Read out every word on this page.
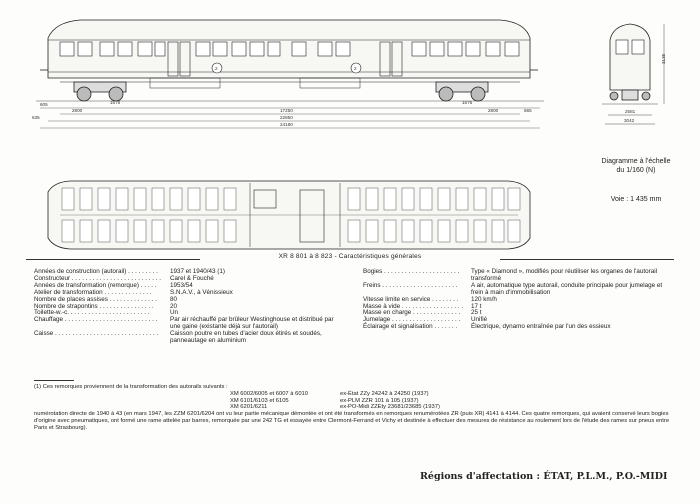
2	2
605
2800
1676
17250
1676
2800	665
22850
24180
635
3135
2581
3042
Diagramme à l'échelle
du 1/160 (N)
Voie : 1 435 mm
XR 8 801 à 8 823 - Caractéristiques générales
Années de construction (autorail) . . . . . . . . .	1937 et 1940/43 (1)
Constructeur . . . . . . . . . . . . . . . . . . . . . . . . . .	Carel & Fouché
Années de transformation (remorque) . . . . .	1953/54
Atelier de transformation . . . . . . . . . . . . . .	S.N.A.V., à Vénissieux
Nombre de places assises . . . . . . . . . . . . . .	80
Nombre de strapontins . . . . . . . . . . . . . . . .	20
Toilette-w.-c. . . . . . . . . . . . . . . . . . . . . . . .	Un
Chauffage . . . . . . . . . . . . . . . . . . . . . . . . . . .	Par air réchauffé par brûleur Westinghouse et distribué par une gaine (existante déjà sur l'autorail)
Caisse . . . . . . . . . . . . . . . . . . . . . . . . . . . . . .	Caisson poutre en tubes d'acier doux étirés et soudés, panneautage en aluminium
Bogies . . . . . . . . . . . . . . . . . . . . . .	Type « Diamond », modifiés pour réutiliser les organes de l'autorail transformé
Freins . . . . . . . . . . . . . . . . . . . . . .	A air, automatique type autorail, conduite principale pour jumelage et frein à main d'immobilisation
Vitesse limite en service . . . . . . . .	120 km/h
Masse à vide . . . . . . . . . . . . . . . . . .	17 t
Masse en charge . . . . . . . . . . . . . .	25 t
Jumelage . . . . . . . . . . . . . . . . . . . .	Unifié
Éclairage et signalisation . . . . . . .	Électrique, dynamo entraînée par l'un des essieux
(1) Ces remorques proviennent de la transformation des autorails suivants :
XM 6002/6005 et 6007 à 6010	ex-État ZZy 24242 à 24250 (1937)
XM 6101/6103 et 6105	ex-PLM ZZR 101 à 105 (1937)
XM 6201/6211	ex-PO-Midi ZZEty 23681/23685 (1937)
numérotation directe de 1940 à 43 (en mars 1947, les ZZM 6201/6204 ont vu leur partie mécanique démontée et ont été transformés en remorques renumérotées ZR (puis XR) 4141 à 4144. Ces quatre remorques, qui avaient conservé leurs bogies d'origine avec pneumatiques, ont formé une rame attelée par barres, remorquée par une 242 TG et essayée entre Clermont-Ferrand et Vichy et destinée à effectuer des mesures de résistance au roulement lors de l'étude des rames sur pneus entre Paris et Strasbourg).
Régions d'affectation : ÉTAT, P.L.M., P.O.-MIDI
